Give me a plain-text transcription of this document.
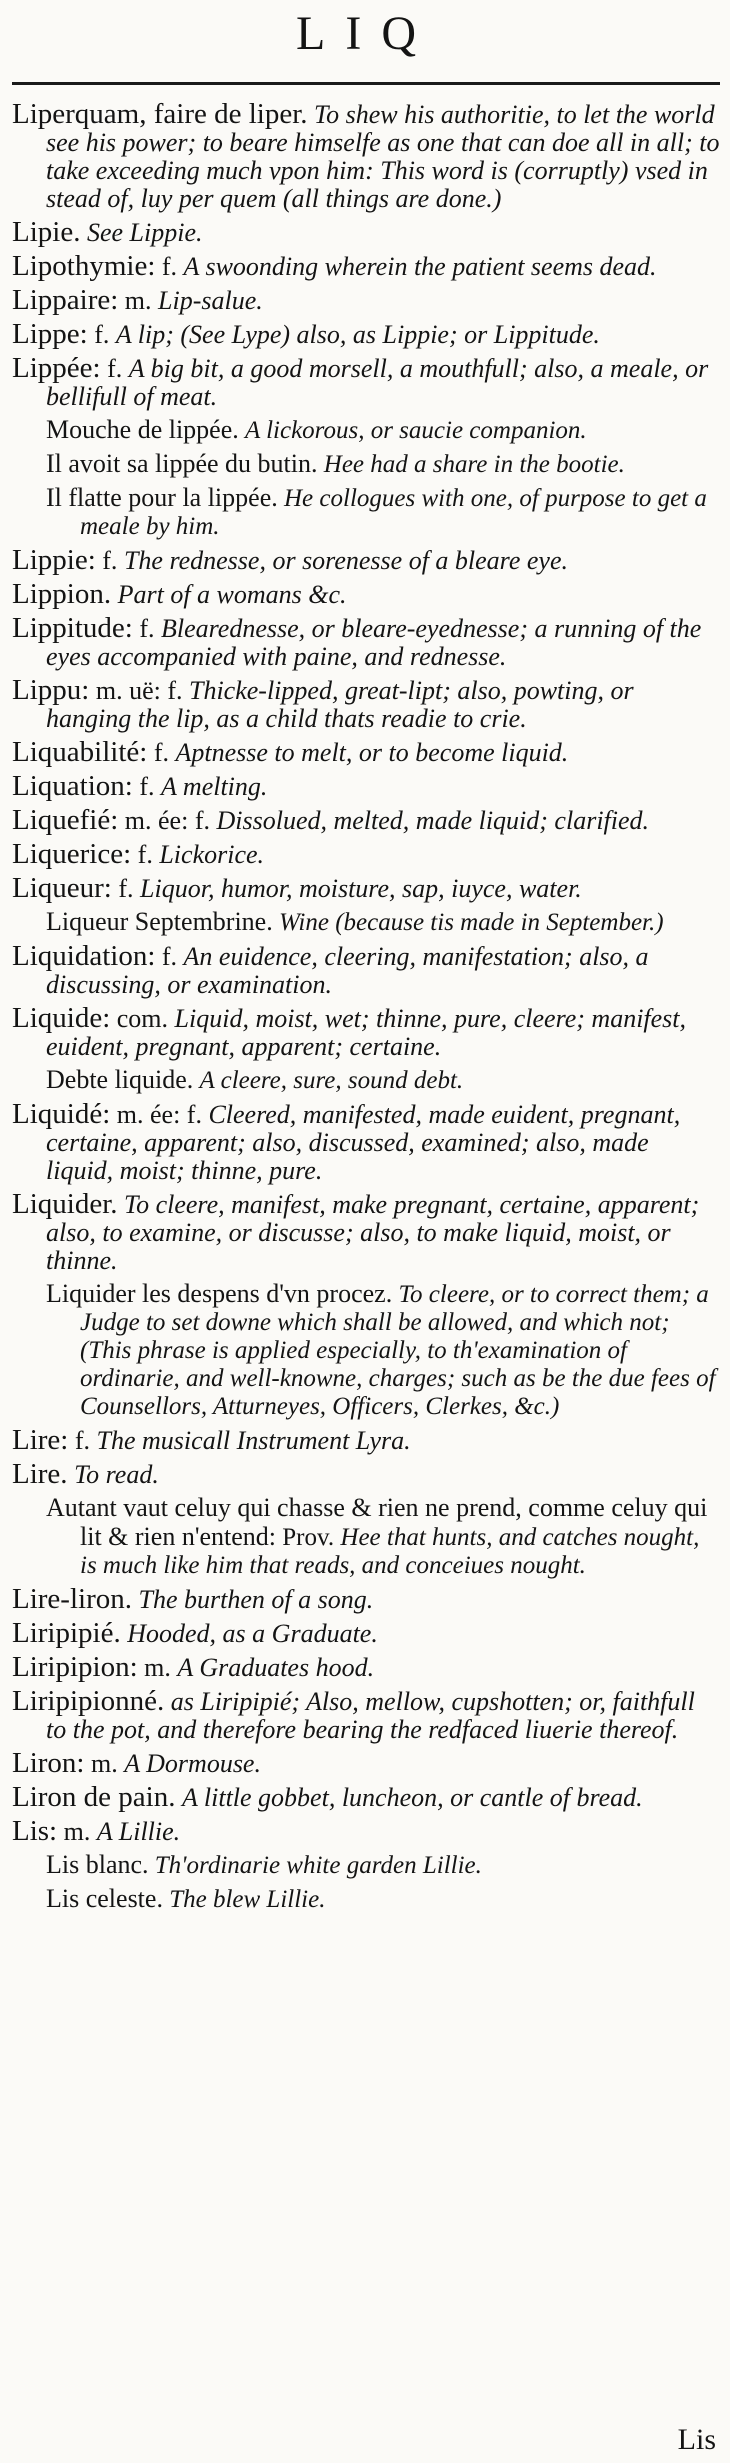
LIQ
Liperquam, faire de liper. To shew his authoritie, to let the world see his power; to beare himselfe as one that can doe all in all; to take exceeding much vpon him: This word is (corruptly) vsed in stead of, luy per quem (all things are done.)
Lipie. See Lippie.
Lipothymie: f. A swoonding wherein the patient seems dead.
Lippaire: m. Lip-salue.
Lippe: f. A lip; (See Lype) also, as Lippie; or Lippitude.
Lippée: f. A big bit, a good morsell, a mouthfull; also, a meale, or bellifull of meat.
Mouche de lippée. A lickorous, or saucie companion.
Il avoit sa lippée du butin. Hee had a share in the bootie.
Il flatte pour la lippée. He collogues with one, of purpose to get a meale by him.
Lippie: f. The rednesse, or sorenesse of a bleare eye.
Lippion. Part of a womans &c.
Lippitude: f. Blearednesse, or bleare-eyednesse; a running of the eyes accompanied with paine, and rednesse.
Lippu: m. uë: f. Thicke-lipped, great-lipt; also, powting, or hanging the lip, as a child thats readie to crie.
Liquabilité: f. Aptnesse to melt, or to become liquid.
Liquation: f. A melting.
Liquefié: m. ée: f. Dissolued, melted, made liquid; clarified.
Liquerice: f. Lickorice.
Liqueur: f. Liquor, humor, moisture, sap, iuyce, water.
Liqueur Septembrine. Wine (because tis made in September.)
Liquidation: f. An euidence, cleering, manifestation; also, a discussing, or examination.
Liquide: com. Liquid, moist, wet; thinne, pure, cleere; manifest, euident, pregnant, apparent; certaine.
Debte liquide. A cleere, sure, sound debt.
Liquidé: m. ée: f. Cleered, manifested, made euident, pregnant, certaine, apparent; also, discussed, examined; also, made liquid, moist; thinne, pure.
Liquider. To cleere, manifest, make pregnant, certaine, apparent; also, to examine, or discusse; also, to make liquid, moist, or thinne.
Liquider les despens d'vn procez. To cleere, or to correct them; a Judge to set downe which shall be allowed, and which not; (This phrase is applied especially, to th'examination of ordinarie, and well-knowne, charges; such as be the due fees of Counsellors, Atturneyes, Officers, Clerkes, &c.)
Lire: f. The musicall Instrument Lyra.
Lire. To read.
Autant vaut celuy qui chasse & rien ne prend, comme celuy qui lit & rien n'entend: Prov. Hee that hunts, and catches nought, is much like him that reads, and conceiues nought.
Lire-liron. The burthen of a song.
Liripipié. Hooded, as a Graduate.
Liripipion: m. A Graduates hood.
Liripipionné. as Liripipié; Also, mellow, cupshotten; or, faithfull to the pot, and therefore bearing the redfaced liuerie thereof.
Liron: m. A Dormouse.
Liron de pain. A little gobbet, luncheon, or cantle of bread.
Lis: m. A Lillie.
Lis blanc. Th'ordinarie white garden Lillie.
Lis celeste. The blew Lillie.
Lis
